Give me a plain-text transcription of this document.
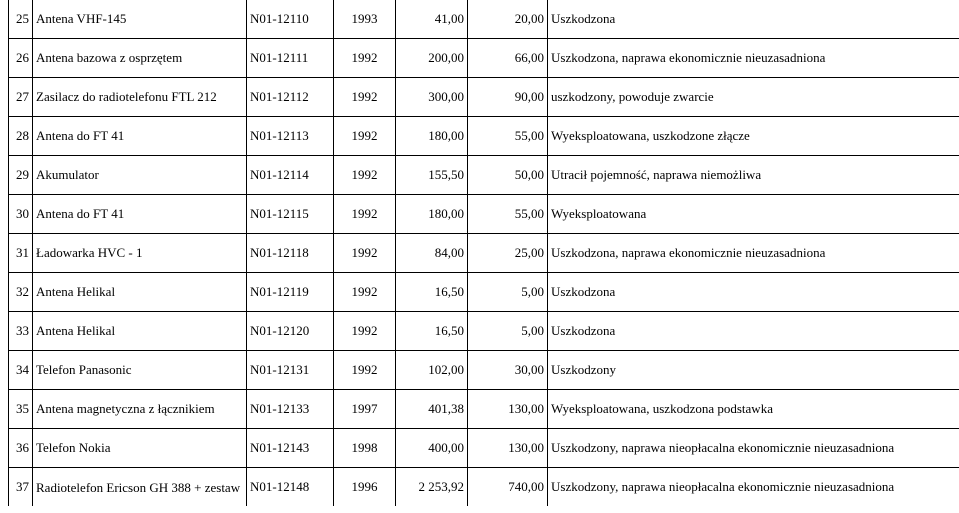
25	Antena VHF-145	N01-12110	1993	41,00	20,00	Uszkodzona
26	Antena bazowa z osprzętem	N01-12111	1992	200,00	66,00	Uszkodzona, naprawa ekonomicznie nieuzasadniona
27	Zasilacz do radiotelefonu FTL 212	N01-12112	1992	300,00	90,00	uszkodzony, powoduje zwarcie
28	Antena do FT 41	N01-12113	1992	180,00	55,00	Wyeksploatowana, uszkodzone złącze
29	Akumulator	N01-12114	1992	155,50	50,00	Utracił pojemność, naprawa niemożliwa
30	Antena do FT 41	N01-12115	1992	180,00	55,00	Wyeksploatowana
31	Ładowarka HVC - 1	N01-12118	1992	84,00	25,00	Uszkodzona, naprawa ekonomicznie nieuzasadniona
32	Antena Helikal	N01-12119	1992	16,50	5,00	Uszkodzona
33	Antena Helikal	N01-12120	1992	16,50	5,00	Uszkodzona
34	Telefon Panasonic	N01-12131	1992	102,00	30,00	Uszkodzony
35	Antena magnetyczna z łącznikiem	N01-12133	1997	401,38	130,00	Wyeksploatowana, uszkodzona podstawka
36	Telefon Nokia	N01-12143	1998	400,00	130,00	Uszkodzony, naprawa nieopłacalna ekonomicznie nieuzasadniona
37	Radiotelefon Ericson GH 388 + zestaw	N01-12148	1996	2 253,92	740,00	Uszkodzony, naprawa nieopłacalna ekonomicznie nieuzasadniona
